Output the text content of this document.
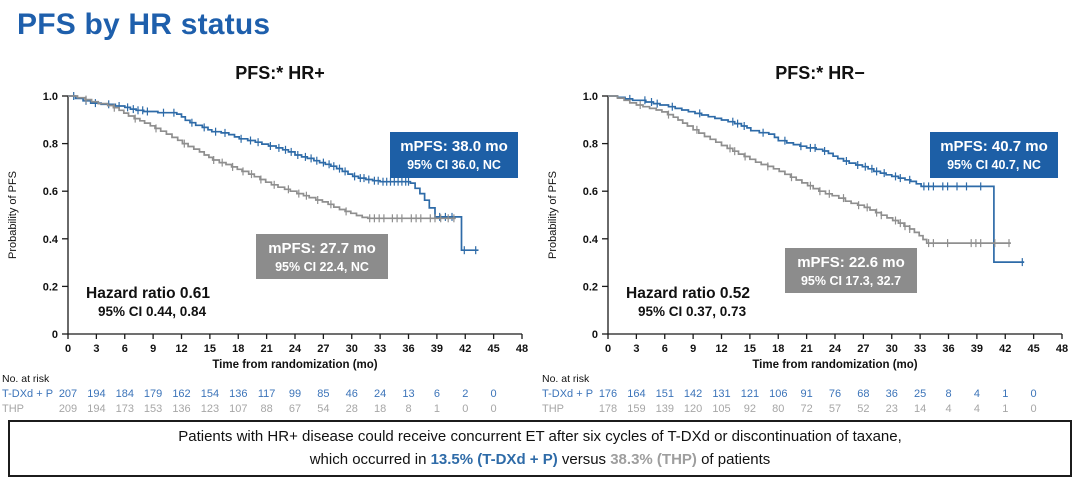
PFS by HR status
PFS:* HR+
1.0
0.8
0.6
0.4
0.2
0
0 3 6 9 12 15 18 21 24 27 30 33 36 39 42 45 48
Time from randomization (mo)
Probability of PFS
mPFS: 38.0 mo
95% CI 36.0, NC
mPFS: 27.7 mo
95% CI 22.4, NC
Hazard ratio 0.61
95% CI 0.44, 0.84
No. at risk
T-DXd + P 207 194 184 179 162 154 136 117 99 85 46 24 13 6 2 0
THP	209 194 173 153 136 123 107 88 67 54 28 18 8 1 0 0
PFS:* HR−
1.0
0.8
0.6
0.4
0.2
0
0 3 6 9 12 15 18 21 24 27 30 33 36 39 42 45 48
Time from randomization (mo)
Probability of PFS
mPFS: 40.7 mo
95% CI 40.7, NC
mPFS: 22.6 mo
95% CI 17.3, 32.7
Hazard ratio 0.52
95% CI 0.37, 0.73
No. at risk
T-DXd + P 176 164 151 142 131 121 106 91 76 68 36 25 8 4 1 0
THP	178 159 139 120 105 92 80 72 57 52 23 14 4 4 1 0
Patients with HR+ disease could receive concurrent ET after six cycles of T-DXd or discontinuation of taxane,
which occurred in 13.5% (T-DXd + P) versus 38.3% (THP) of patients
